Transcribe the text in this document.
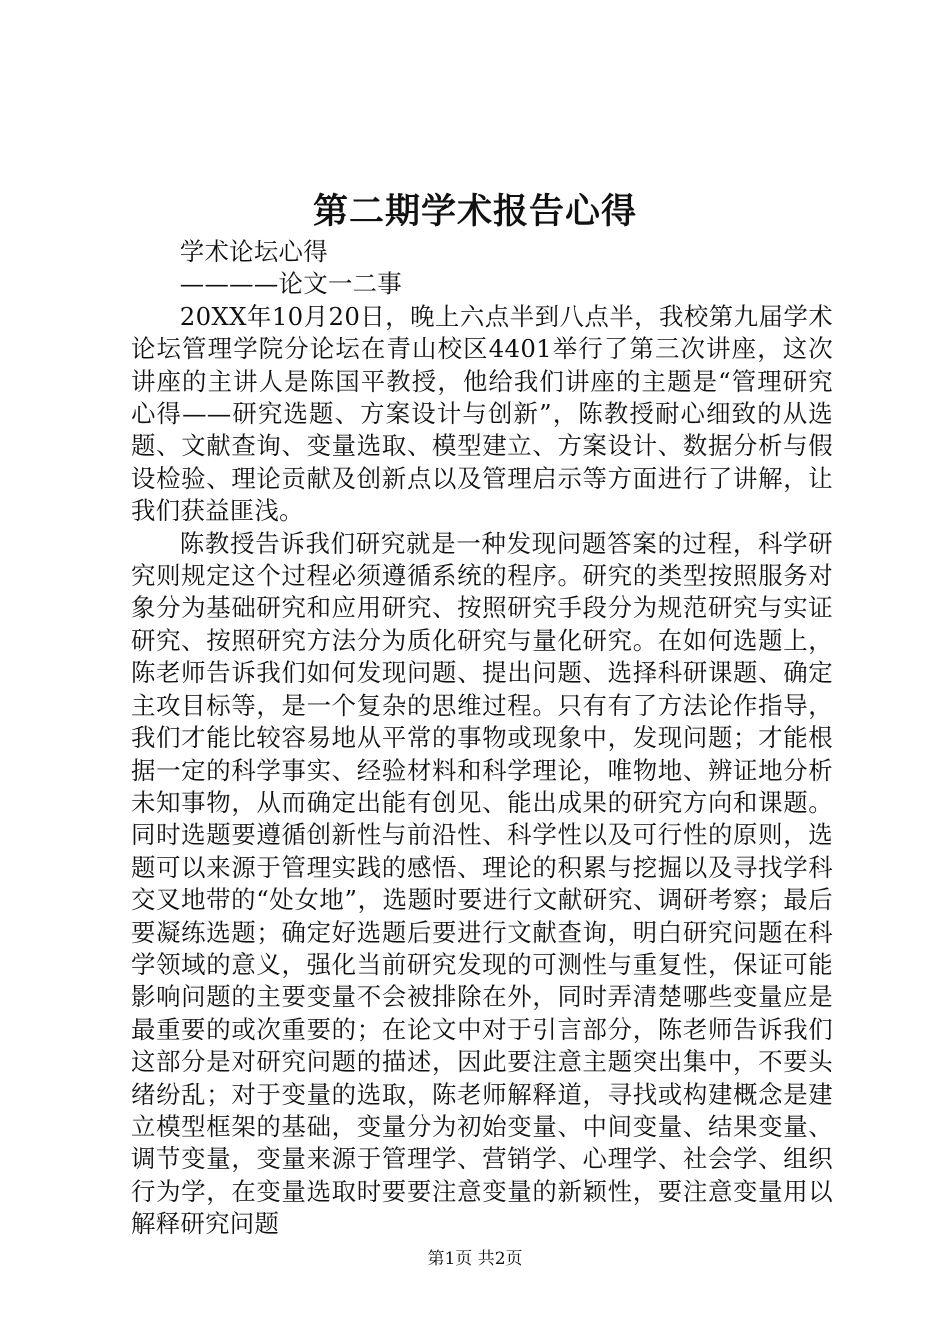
第二期学术报告心得

学术论坛心得

————论文一二事

20XX年10月20日，晚上六点半到八点半，我校第九届学术论坛管理学院分论坛在青山校区4401举行了第三次讲座，这次讲座的主讲人是陈国平教授，他给我们讲座的主题是“管理研究心得——研究选题、方案设计与创新”，陈教授耐心细致的从选题、文献查询、变量选取、模型建立、方案设计、数据分析与假设检验、理论贡献及创新点以及管理启示等方面进行了讲解，让我们获益匪浅。

陈教授告诉我们研究就是一种发现问题答案的过程，科学研究则规定这个过程必须遵循系统的程序。研究的类型按照服务对象分为基础研究和应用研究、按照研究手段分为规范研究与实证研究、按照研究方法分为质化研究与量化研究。在如何选题上，陈老师告诉我们如何发现问题、提出问题、选择科研课题、确定主攻目标等，是一个复杂的思维过程。只有有了方法论作指导，我们才能比较容易地从平常的事物或现象中，发现问题；才能根据一定的科学事实、经验材料和科学理论，唯物地、辨证地分析未知事物，从而确定出能有创见、能出成果的研究方向和课题。同时选题要遵循创新性与前沿性、科学性以及可行性的原则，选题可以来源于管理实践的感悟、理论的积累与挖掘以及寻找学科交叉地带的“处女地”，选题时要进行文献研究、调研考察；最后要凝练选题；确定好选题后要进行文献查询，明白研究问题在科学领域的意义，强化当前研究发现的可测性与重复性，保证可能影响问题的主要变量不会被排除在外，同时弄清楚哪些变量应是最重要的或次重要的；在论文中对于引言部分，陈老师告诉我们这部分是对研究问题的描述，因此要注意主题突出集中，不要头绪纷乱；对于变量的选取，陈老师解释道，寻找或构建概念是建立模型框架的基础，变量分为初始变量、中间变量、结果变量、调节变量，变量来源于管理学、营销学、心理学、社会学、组织行为学，在变量选取时要要注意变量的新颖性，要注意变量用以解释研究问题

第1页 共2页
